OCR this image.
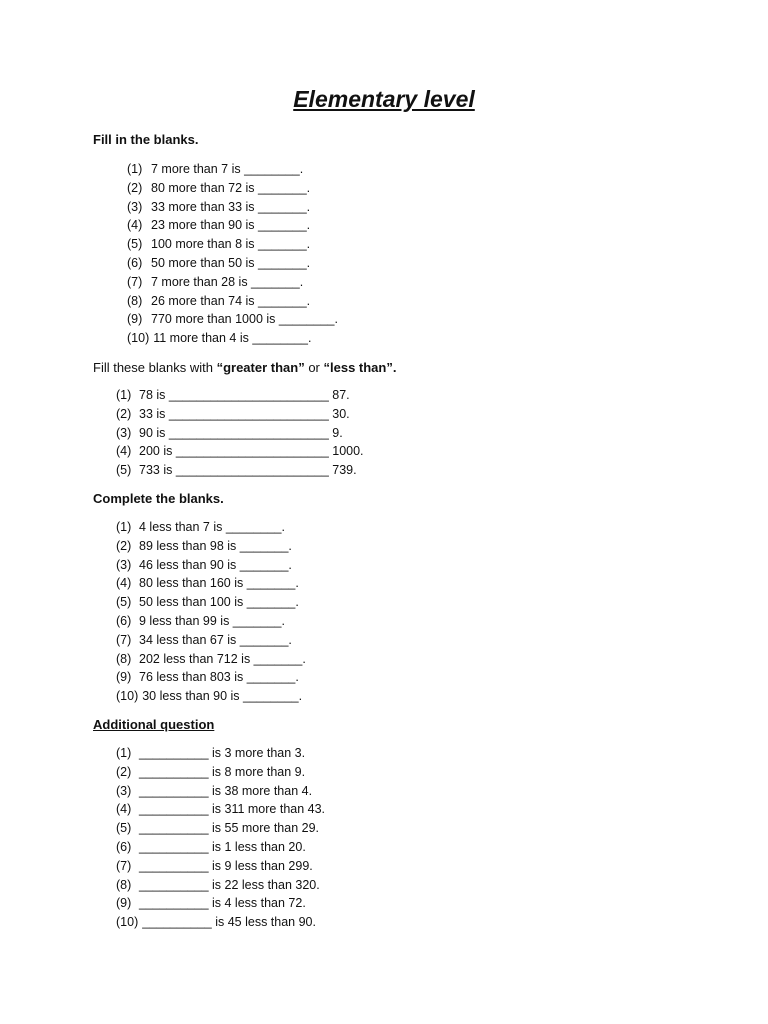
Elementary level
Fill in the blanks.
(1) 7 more than 7 is ________.
(2) 80 more than 72 is _______.
(3) 33 more than 33 is _______.
(4) 23 more than 90 is _______.
(5) 100 more than 8 is _______.
(6) 50 more than 50 is _______.
(7) 7 more than 28 is _______.
(8) 26 more than 74 is _______.
(9) 770 more than 1000 is ________.
(10) 11 more than 4 is ________.
Fill these blanks with “greater than” or “less than”.
(1) 78 is _______________________ 87.
(2) 33 is _______________________ 30.
(3) 90 is _______________________ 9.
(4) 200 is ______________________ 1000.
(5) 733 is ______________________ 739.
Complete the blanks.
(1) 4 less than 7 is ________.
(2) 89 less than 98 is _______.
(3) 46 less than 90 is _______.
(4) 80 less than 160 is _______.
(5) 50 less than 100 is _______.
(6) 9 less than 99 is _______.
(7) 34 less than 67 is _______.
(8) 202 less than 712 is _______.
(9) 76 less than 803 is _______.
(10) 30 less than 90 is ________.
Additional question
(1) __________ is 3 more than 3.
(2) __________ is 8 more than 9.
(3) __________ is 38 more than 4.
(4) __________ is 311 more than 43.
(5) __________ is 55 more than 29.
(6) __________ is 1 less than 20.
(7) __________ is 9 less than 299.
(8) __________ is 22 less than 320.
(9) __________ is 4 less than 72.
(10) __________ is 45 less than 90.
